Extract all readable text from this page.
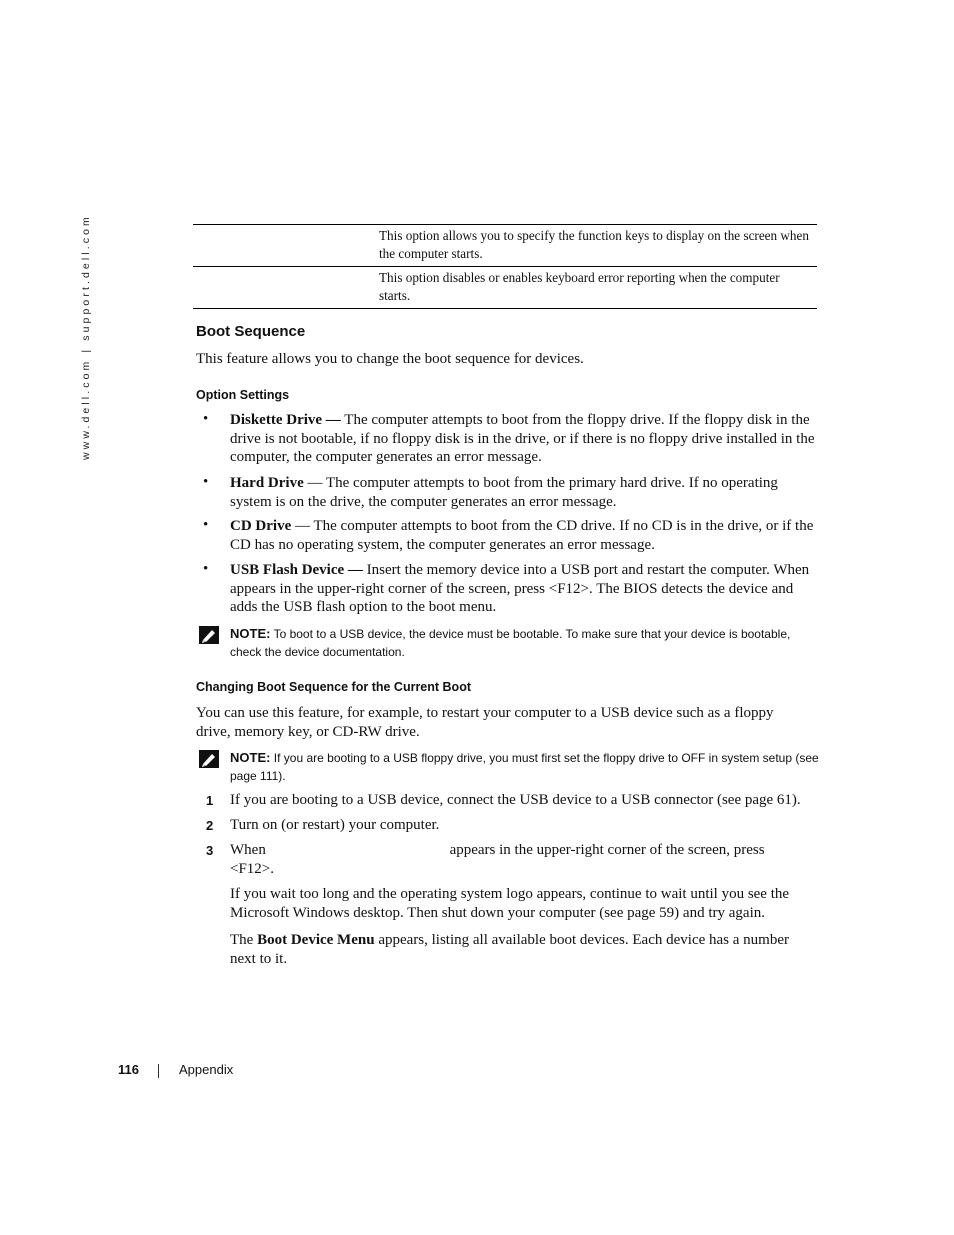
www.dell.com | support.dell.com
		This option allows you to specify the function keys to display on the screen when the computer starts.
	This option disables or enables keyboard error reporting when the computer starts.
Boot Sequence
This feature allows you to change the boot sequence for devices.
Option Settings
• Diskette Drive — The computer attempts to boot from the floppy drive. If the floppy disk in the drive is not bootable, if no floppy disk is in the drive, or if there is no floppy drive installed in the computer, the computer generates an error message.
• Hard Drive — The computer attempts to boot from the primary hard drive. If no operating system is on the drive, the computer generates an error message.
• CD Drive — The computer attempts to boot from the CD drive. If no CD is in the drive, or if the CD has no operating system, the computer generates an error message.
• USB Flash Device — Insert the memory device into a USB port and restart the computer. When                             appears in the upper-right corner of the screen, press <F12>. The BIOS detects the device and adds the USB flash option to the boot menu.
NOTE: To boot to a USB device, the device must be bootable. To make sure that your device is bootable, check the device documentation.
Changing Boot Sequence for the Current Boot
You can use this feature, for example, to restart your computer to a USB device such as a floppy drive, memory key, or CD-RW drive.
NOTE: If you are booting to a USB floppy drive, you must first set the floppy drive to OFF in system setup (see page 111).
1 If you are booting to a USB device, connect the USB device to a USB connector (see page 61).
2 Turn on (or restart) your computer.
3 When                                                 appears in the upper-right corner of the screen, press <F12>.
If you wait too long and the operating system logo appears, continue to wait until you see the Microsoft Windows desktop. Then shut down your computer (see page 59) and try again.
The Boot Device Menu appears, listing all available boot devices. Each device has a number next to it.
116	Appendix
